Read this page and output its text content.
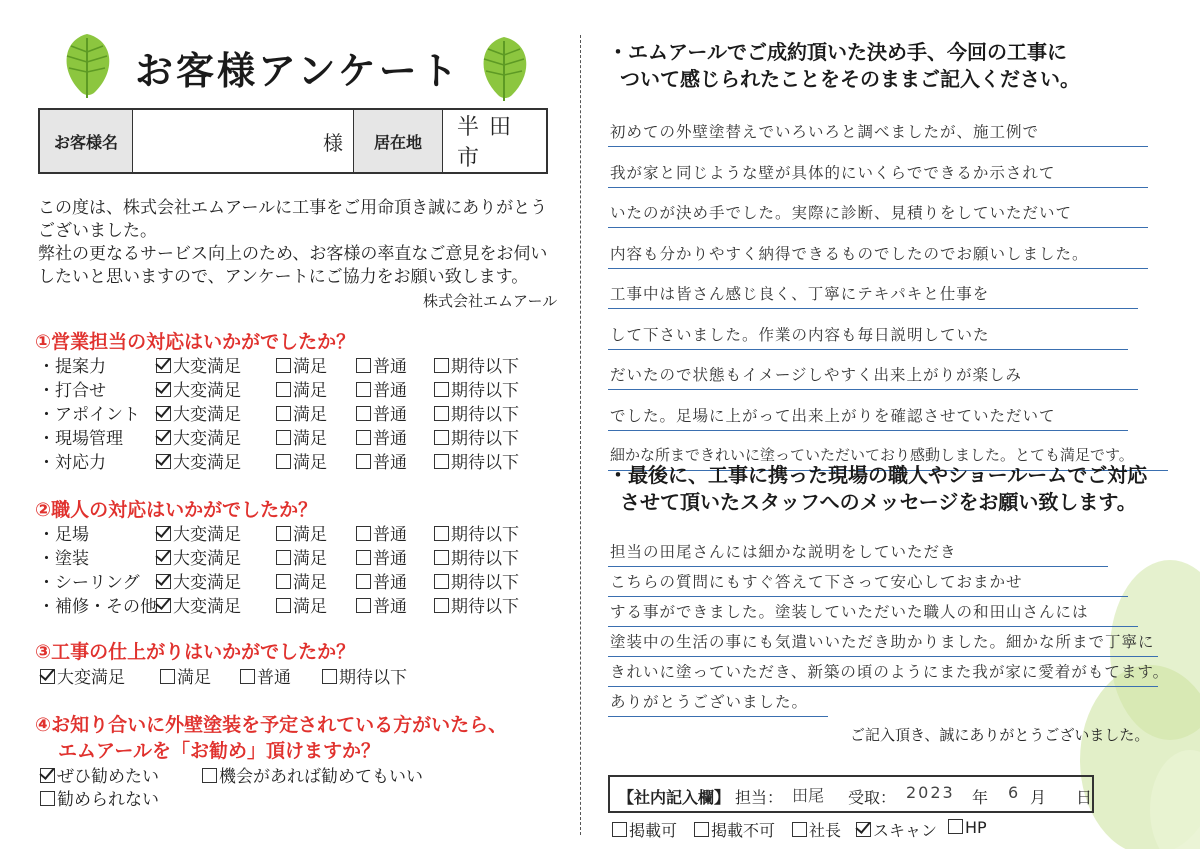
お客様アンケート
お客様名	様	居在地
半田市
この度は、株式会社エムアールに工事をご用命頂き誠にありがとう
ございました。
弊社の更なるサービス向上のため、お客様の率直なご意見をお伺い
したいと思いますので、アンケートにご協力をお願い致します。
株式会社エムアール
①営業担当の対応はいかがでしたか？
・提案力	大変満足	満足	普通	期待以下
・打合せ	大変満足	満足	普通	期待以下
・アポイント	大変満足	満足	普通	期待以下
・現場管理	大変満足	満足	普通	期待以下
・対応力	大変満足	満足	普通	期待以下
②職人の対応はいかがでしたか？
・足場	大変満足	満足	普通	期待以下
・塗装	大変満足	満足	普通	期待以下
・シーリング	大変満足	満足	普通	期待以下
・補修・その他 大変満足	満足	普通	期待以下
③工事の仕上がりはいかがでしたか？
大変満足	満足	普通	期待以下
④お知り合いに外壁塗装を予定されている方がいたら、
エムアールを「お勧め」頂けますか？
ぜひ勧めたい	機会があれば勧めてもいい
勧められない
・エムアールでご成約頂いた決め手、今回の工事に
ついて感じられたことをそのままご記入ください。
初めての外壁塗替えでいろいろと調べましたが、施工例で
我が家と同じような壁が具体的にいくらでできるか示されて
いたのが決め手でした。実際に診断、見積りをしていただいて
内容も分かりやすく納得できるものでしたのでお願いしました。
工事中は皆さん感じ良く、丁寧にテキパキと仕事を
して下さいました。作業の内容も毎日説明していた
だいたので状態もイメージしやすく出来上がりが楽しみ
でした。足場に上がって出来上がりを確認させていただいて
細かな所まできれいに塗っていただいており感動しました。とても満足です。
・最後に、工事に携った現場の職人やショールームでご対応
させて頂いたスタッフへのメッセージをお願い致します。
担当の田尾さんには細かな説明をしていただき
こちらの質問にもすぐ答えて下さって安心しておまかせ
する事ができました。塗装していただいた職人の和田山さんには
塗装中の生活の事にも気遣いいただき助かりました。細かな所まで丁寧に
きれいに塗っていただき、新築の頃のようにまた我が家に愛着がもてます。
ありがとうございました。
ご記入頂き、誠にありがとうございました。
【社内記入欄】 担当： 田尾 受取： 2023 年 6 月 日
掲載可	掲載不可	社長	スキャン	HP
